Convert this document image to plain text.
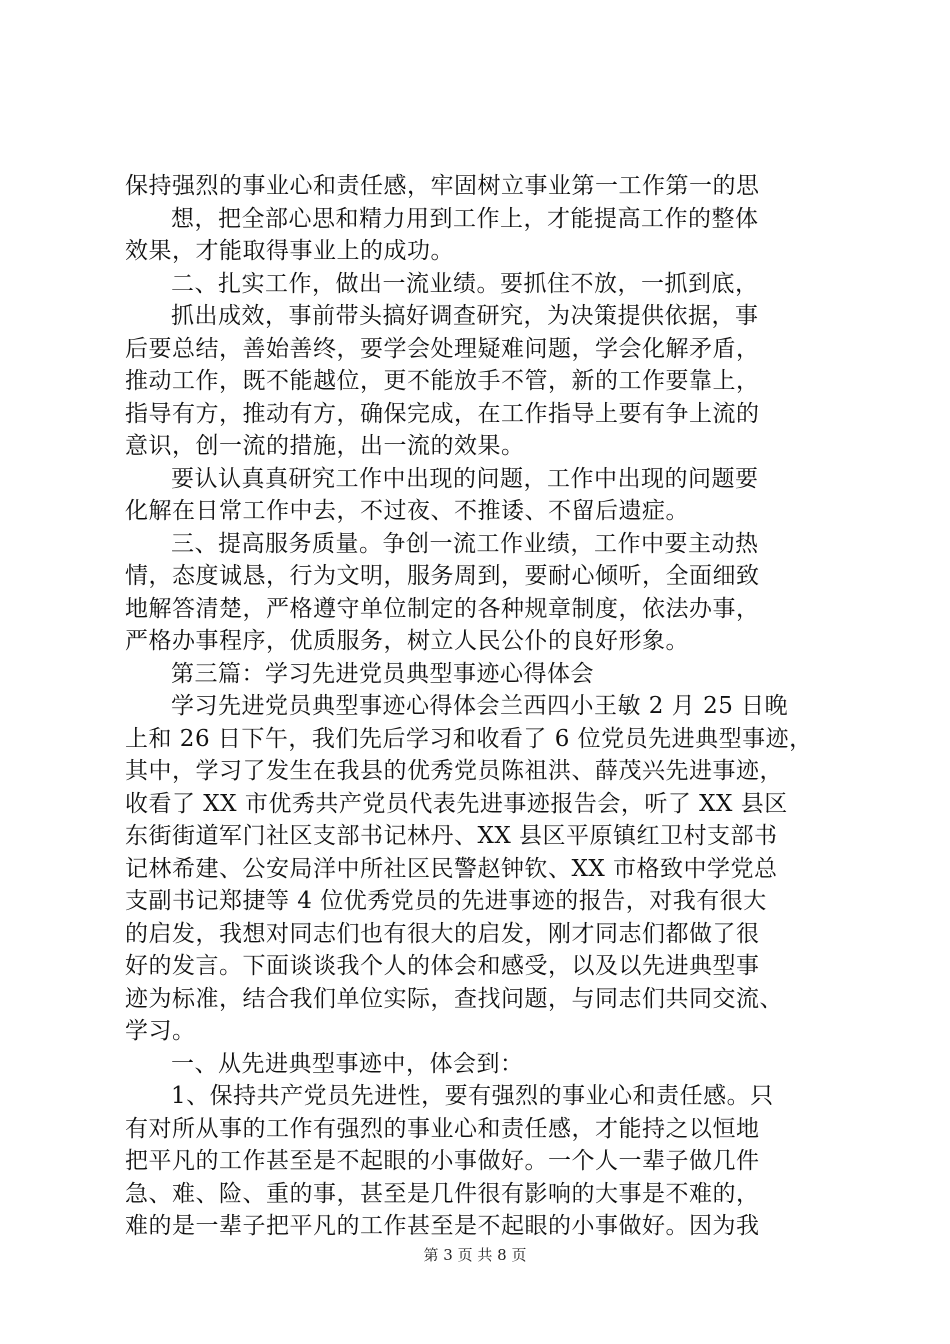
保持强烈的事业心和责任感，牢固树立事业第一工作第一的思
想，把全部心思和精力用到工作上，才能提高工作的整体
效果，才能取得事业上的成功。
二、扎实工作，做出一流业绩。要抓住不放，一抓到底，
抓出成效，事前带头搞好调查研究，为决策提供依据，事
后要总结，善始善终，要学会处理疑难问题，学会化解矛盾，
推动工作，既不能越位，更不能放手不管，新的工作要靠上，
指导有方，推动有方，确保完成，在工作指导上要有争上流的
意识，创一流的措施，出一流的效果。
要认认真真研究工作中出现的问题，工作中出现的问题要
化解在日常工作中去，不过夜、不推诿、不留后遗症。
三、提高服务质量。争创一流工作业绩，工作中要主动热
情，态度诚恳，行为文明，服务周到，要耐心倾听，全面细致
地解答清楚，严格遵守单位制定的各种规章制度，依法办事，
严格办事程序，优质服务，树立人民公仆的良好形象。
第三篇：学习先进党员典型事迹心得体会
学习先进党员典型事迹心得体会兰西四小王敏 2 月 25 日晚
上和 26 日下午，我们先后学习和收看了 6 位党员先进典型事迹，
其中，学习了发生在我县的优秀党员陈祖洪、薛茂兴先进事迹，
收看了 XX 市优秀共产党员代表先进事迹报告会，听了 XX 县区
东街街道军门社区支部书记林丹、XX 县区平原镇红卫村支部书
记林希建、公安局洋中所社区民警赵钟钦、XX 市格致中学党总
支副书记郑捷等 4 位优秀党员的先进事迹的报告，对我有很大
的启发，我想对同志们也有很大的启发，刚才同志们都做了很
好的发言。下面谈谈我个人的体会和感受，以及以先进典型事
迹为标准，结合我们单位实际，查找问题，与同志们共同交流、
学习。
一、从先进典型事迹中，体会到：
1、保持共产党员先进性，要有强烈的事业心和责任感。只
有对所从事的工作有强烈的事业心和责任感，才能持之以恒地
把平凡的工作甚至是不起眼的小事做好。一个人一辈子做几件
急、难、险、重的事，甚至是几件很有影响的大事是不难的，
难的是一辈子把平凡的工作甚至是不起眼的小事做好。因为我
第 3 页 共 8 页
